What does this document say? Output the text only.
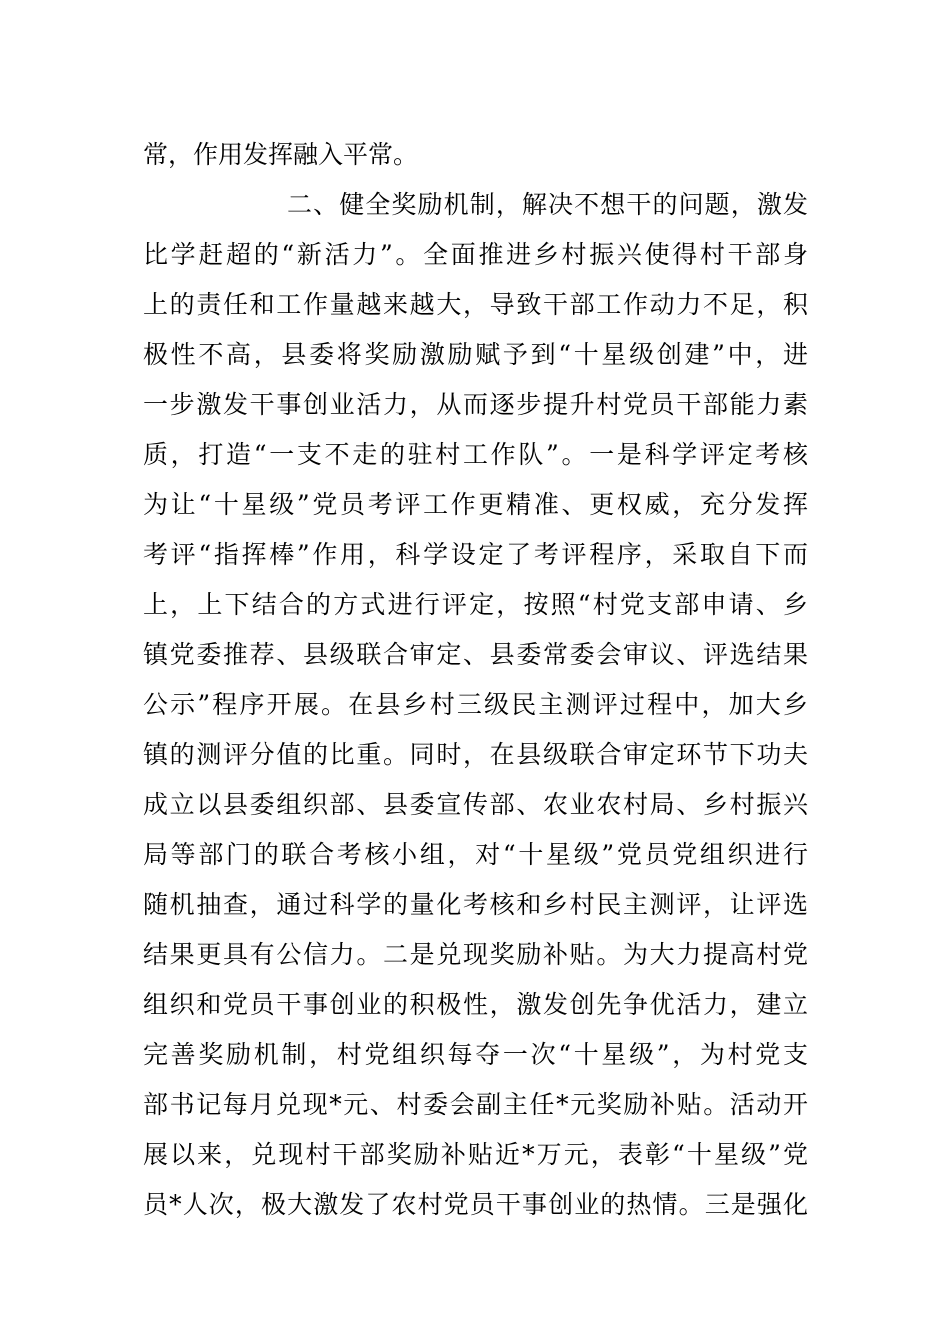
常，作用发挥融入平常。
二、健全奖励机制，解决不想干的问题，激发
比学赶超的“新活力”。全面推进乡村振兴使得村干部身
上的责任和工作量越来越大，导致干部工作动力不足，积
极性不高，县委将奖励激励赋予到“十星级创建”中，进
一步激发干事创业活力，从而逐步提升村党员干部能力素
质，打造“一支不走的驻村工作队”。一是科学评定考核
为让“十星级”党员考评工作更精准、更权威，充分发挥
考评“指挥棒”作用，科学设定了考评程序，采取自下而
上，上下结合的方式进行评定，按照“村党支部申请、乡
镇党委推荐、县级联合审定、县委常委会审议、评选结果
公示”程序开展。在县乡村三级民主测评过程中，加大乡
镇的测评分值的比重。同时，在县级联合审定环节下功夫
成立以县委组织部、县委宣传部、农业农村局、乡村振兴
局等部门的联合考核小组，对“十星级”党员党组织进行
随机抽查，通过科学的量化考核和乡村民主测评，让评选
结果更具有公信力。二是兑现奖励补贴。为大力提高村党
组织和党员干事创业的积极性，激发创先争优活力，建立
完善奖励机制，村党组织每夺一次“十星级”，为村党支
部书记每月兑现*元、村委会副主任*元奖励补贴。活动开
展以来，兑现村干部奖励补贴近*万元，表彰“十星级”党
员*人次，极大激发了农村党员干事创业的热情。三是强化
